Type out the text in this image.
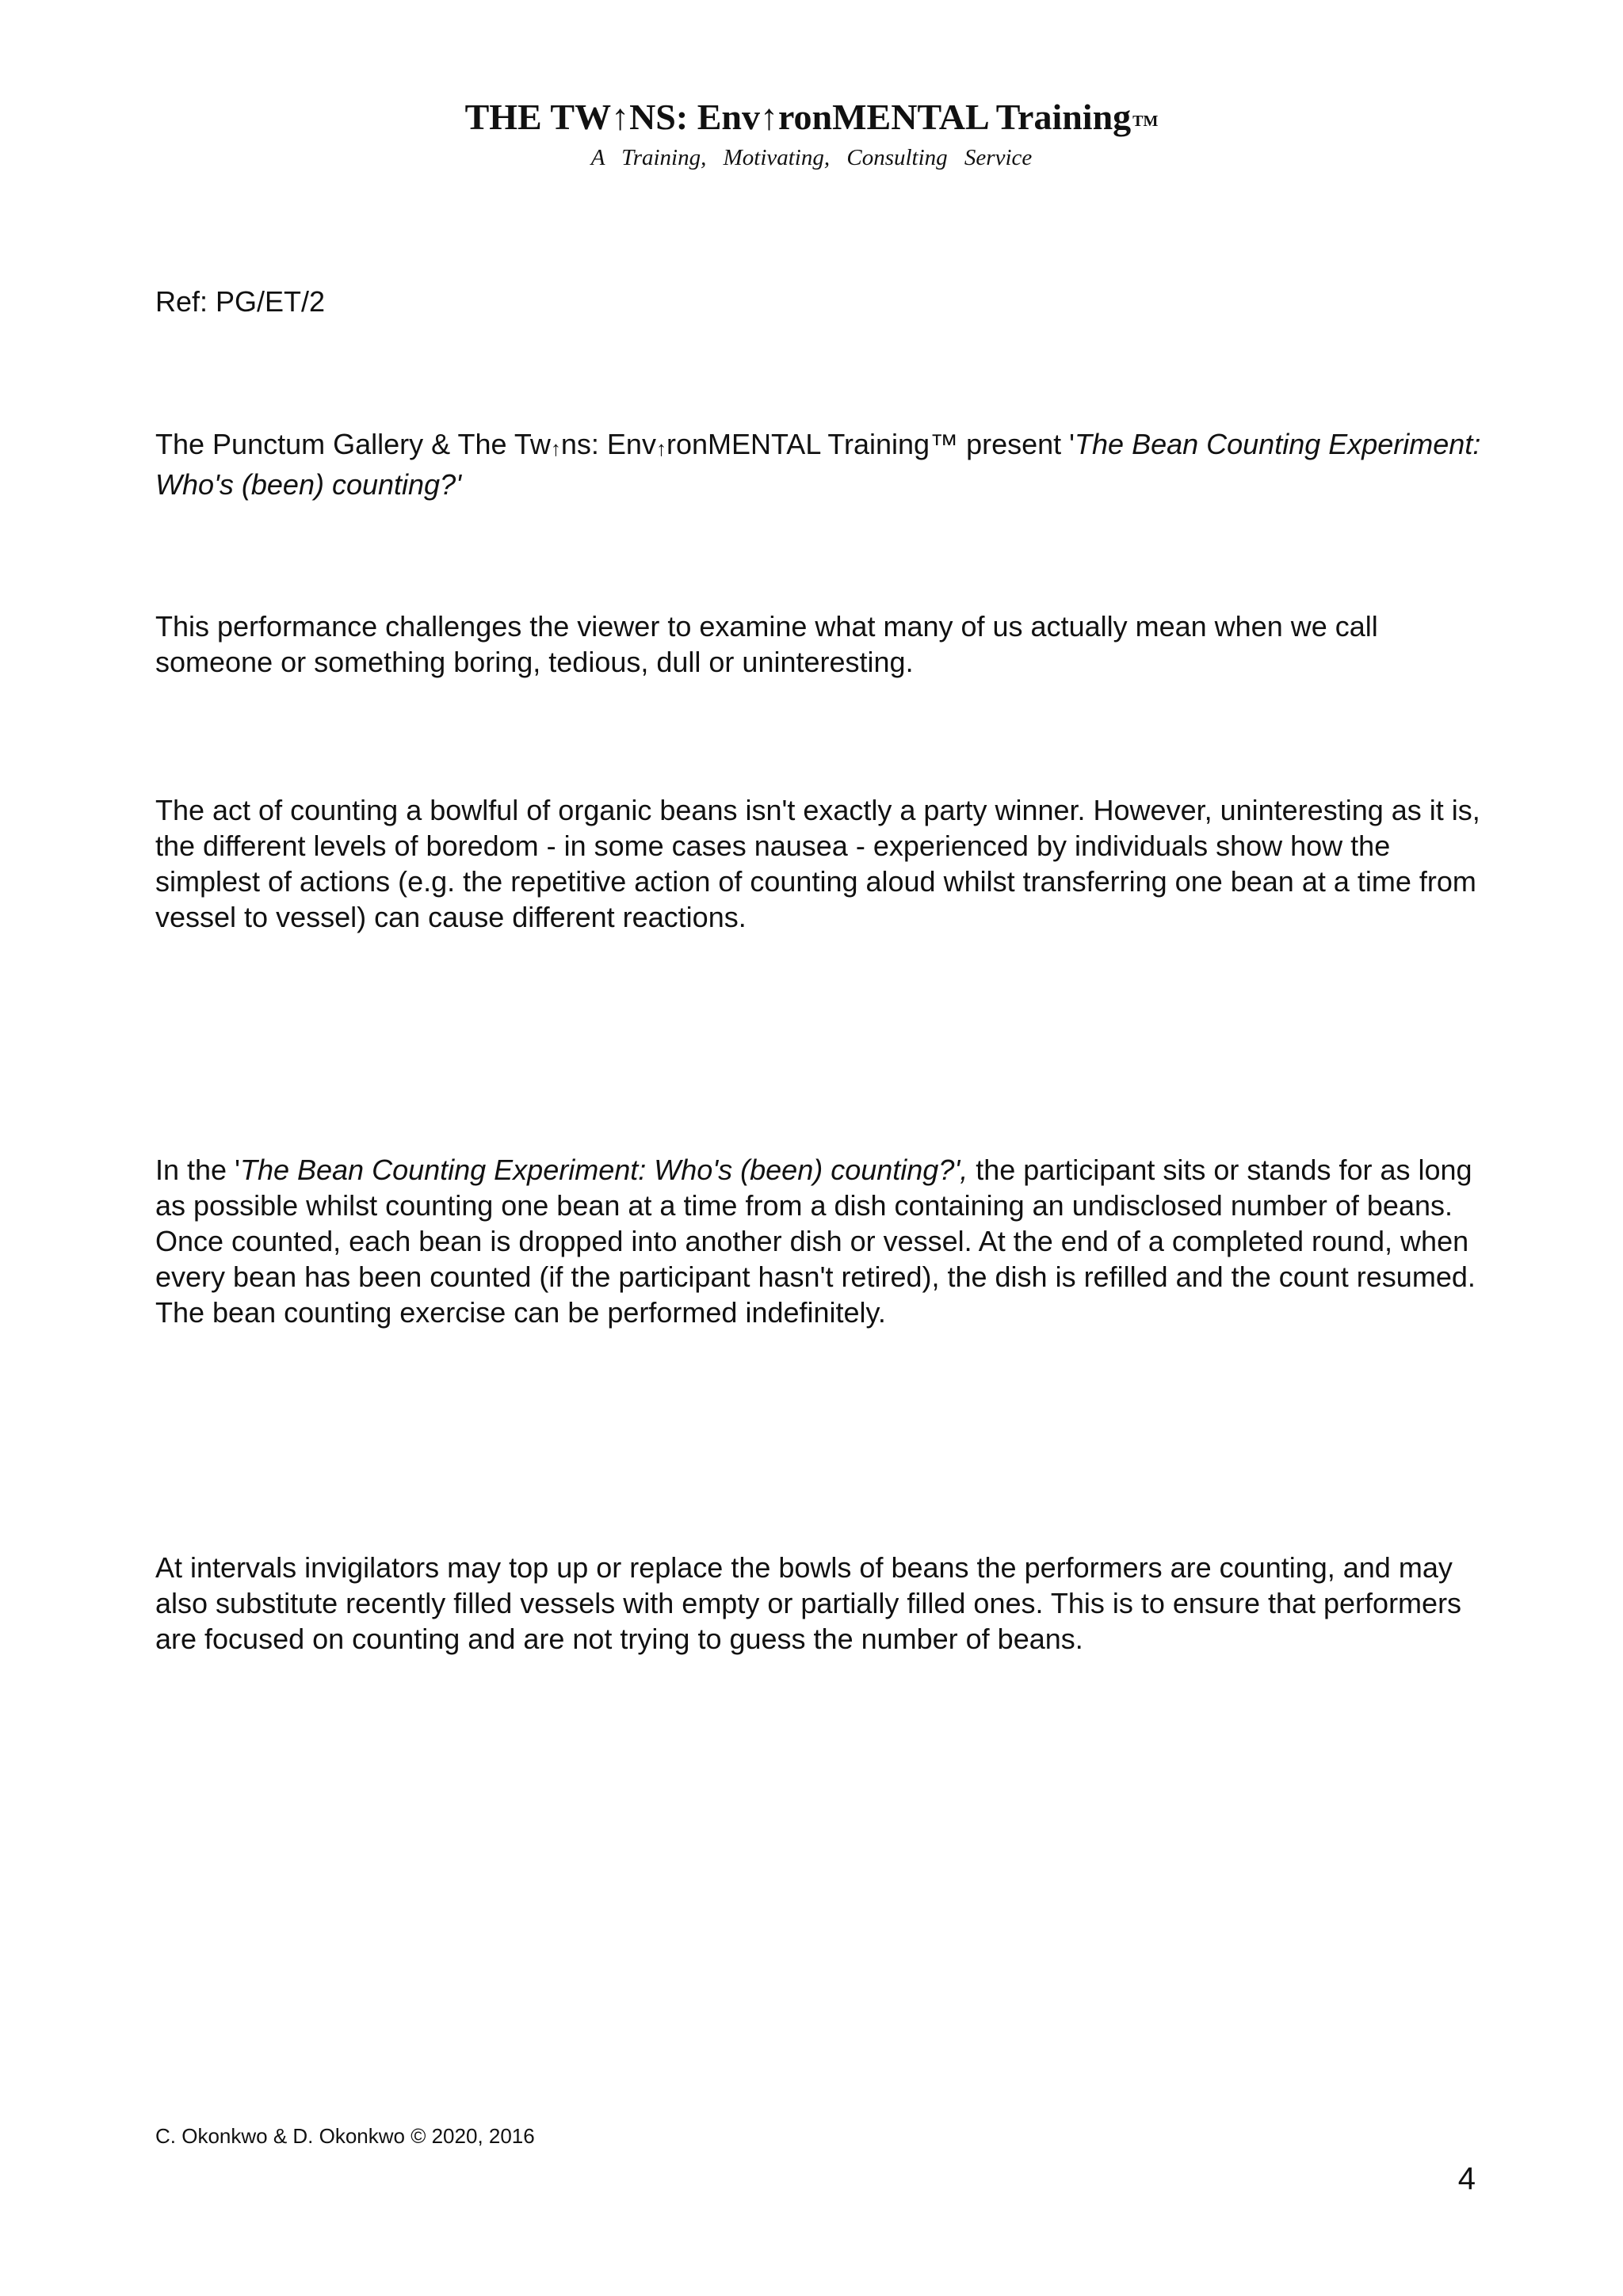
THE TW↑NS: Env↑ronMENTAL Training TM
A Training, Motivating, Consulting Service

Ref: PG/ET/2

The Punctum Gallery & The Tw↑ns: Env↑ronMENTAL Training™ present 'The Bean Counting Experiment: Who's (been) counting?'

This performance challenges the viewer to examine what many of us actually mean when we call someone or something boring, tedious, dull or uninteresting.

The act of counting a bowlful of organic beans isn't exactly a party winner. However, uninteresting as it is, the different levels of boredom - in some cases nausea - experienced by individuals show how the simplest of actions (e.g. the repetitive action of counting aloud whilst transferring one bean at a time from vessel to vessel) can cause different reactions.

In the 'The Bean Counting Experiment: Who's (been) counting?', the participant sits or stands for as long as possible whilst counting one bean at a time from a dish containing an undisclosed number of beans. Once counted, each bean is dropped into another dish or vessel. At the end of a completed round, when every bean has been counted (if the participant hasn't retired), the dish is refilled and the count resumed. The bean counting exercise can be performed indefinitely.

At intervals invigilators may top up or replace the bowls of beans the performers are counting, and may also substitute recently filled vessels with empty or partially filled ones. This is to ensure that performers are focused on counting and are not trying to guess the number of beans.

C. Okonkwo & D. Okonkwo © 2020, 2016

4
